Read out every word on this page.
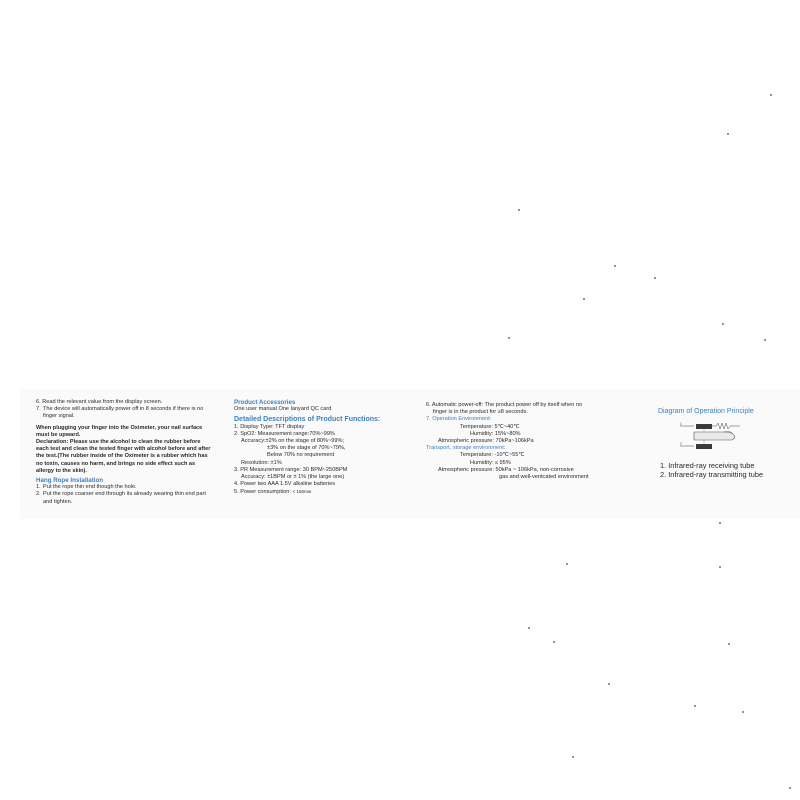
6. Read the relevant value from the display screen.
7. The device will automatically power off in 8 seconds if there is no finger signal.
When plugging your finger into the Oximeter, your nail surface must be upward.
Declaration: Please use the alcohol to clean the rubber before each test and clean the tested finger with alcohol before and after the test.(The rubber inside of the Oximeter is a rubber which has no toxin, causes no harm, and brings no side effect such as allergy to the skin).
Hang Rope Installation
1. Put the rope thin end though the hole.
2. Put the rope coarser end through its already wearing thin end part and tighten.
Product Accessories
One user manual One lanyard QC card
Detailed Descriptions of Product Functions:
1. Display Type: TFT display
2. SpO2: Measurement range:70%~99%
Accuracy:±2% on the stage of 80%~99%;
±3% on the stage of 70%~79%,
Below 70% no requirement
Resolution: ±1%
3. PR Measurement range: 30 BPM~250BPM
Accuracy: ±1BPM or ± 1% (the large one)
4. Power two AAA 1.5V alkaline batteries
5. Power consumption: < 150mw
6. Automatic power-off: The product power off by itself when no
finger is in the product for ≥8 seconds.
7. Operation Environment:
Temperature: 5℃~40℃
Humidity: 15%~80%
Atmospheric pressure: 70kPa~106kPa
Transport, storage environment:
Temperature: -10℃~55℃
Humidity: ≤ 95%
Atmospheric pressure: 50kPa ~ 106kPa, non-corrosive
gas and well-ventcated environment
Diagram of Operation Principle
1
2
1. Infrared-ray receiving tube
2. Infrared-ray transmitting tube
